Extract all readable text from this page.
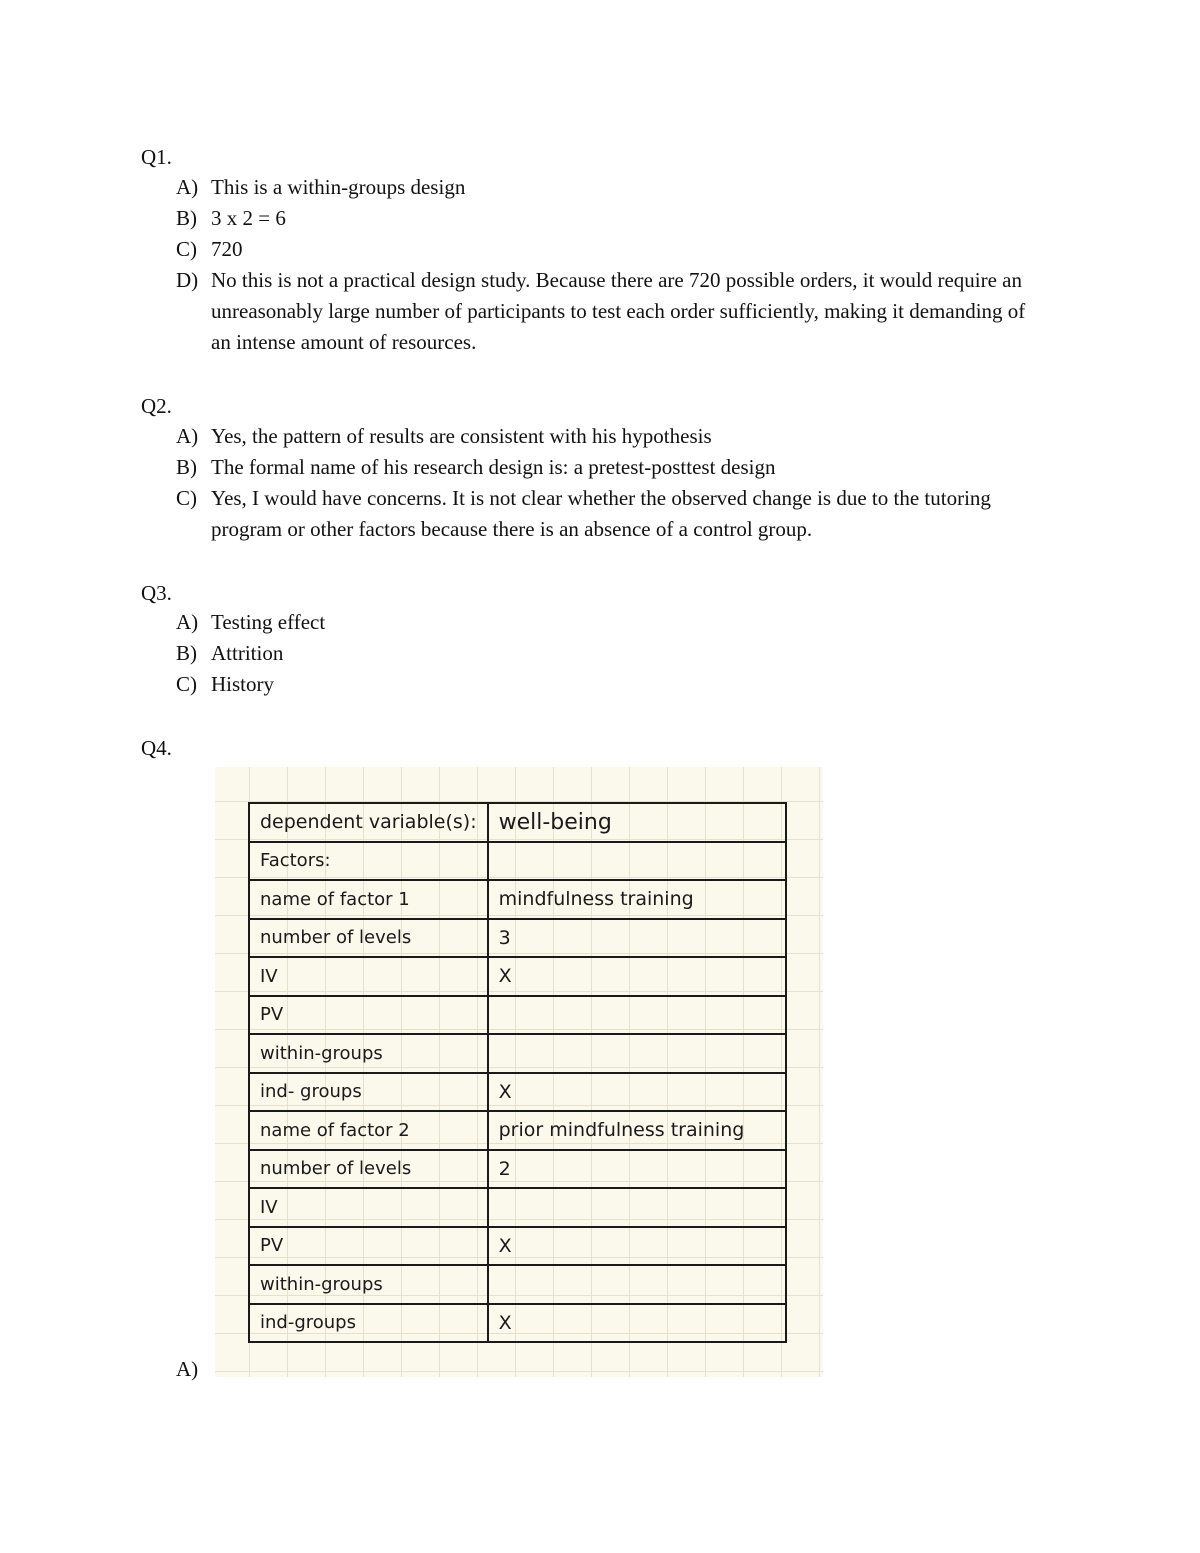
Q1.
A) This is a within-groups design
B) 3 x 2 = 6
C) 720
D) No this is not a practical design study. Because there are 720 possible orders, it would require an unreasonably large number of participants to test each order sufficiently, making it demanding of an intense amount of resources.
Q2.
A) Yes, the pattern of results are consistent with his hypothesis
B) The formal name of his research design is: a pretest-posttest design
C) Yes, I would have concerns. It is not clear whether the observed change is due to the tutoring program or other factors because there is an absence of a control group.
Q3.
A) Testing effect
B) Attrition
C) History
Q4.
dependent variable(s):	well-being
Factors:	
name of factor 1	mindfulness training
number of levels	3
IV	X
PV	
within-groups	
ind- groups	X
name of factor 2	prior mindfulness training
number of levels	2
IV	
PV	X
within-groups	
ind-groups	X
A)
